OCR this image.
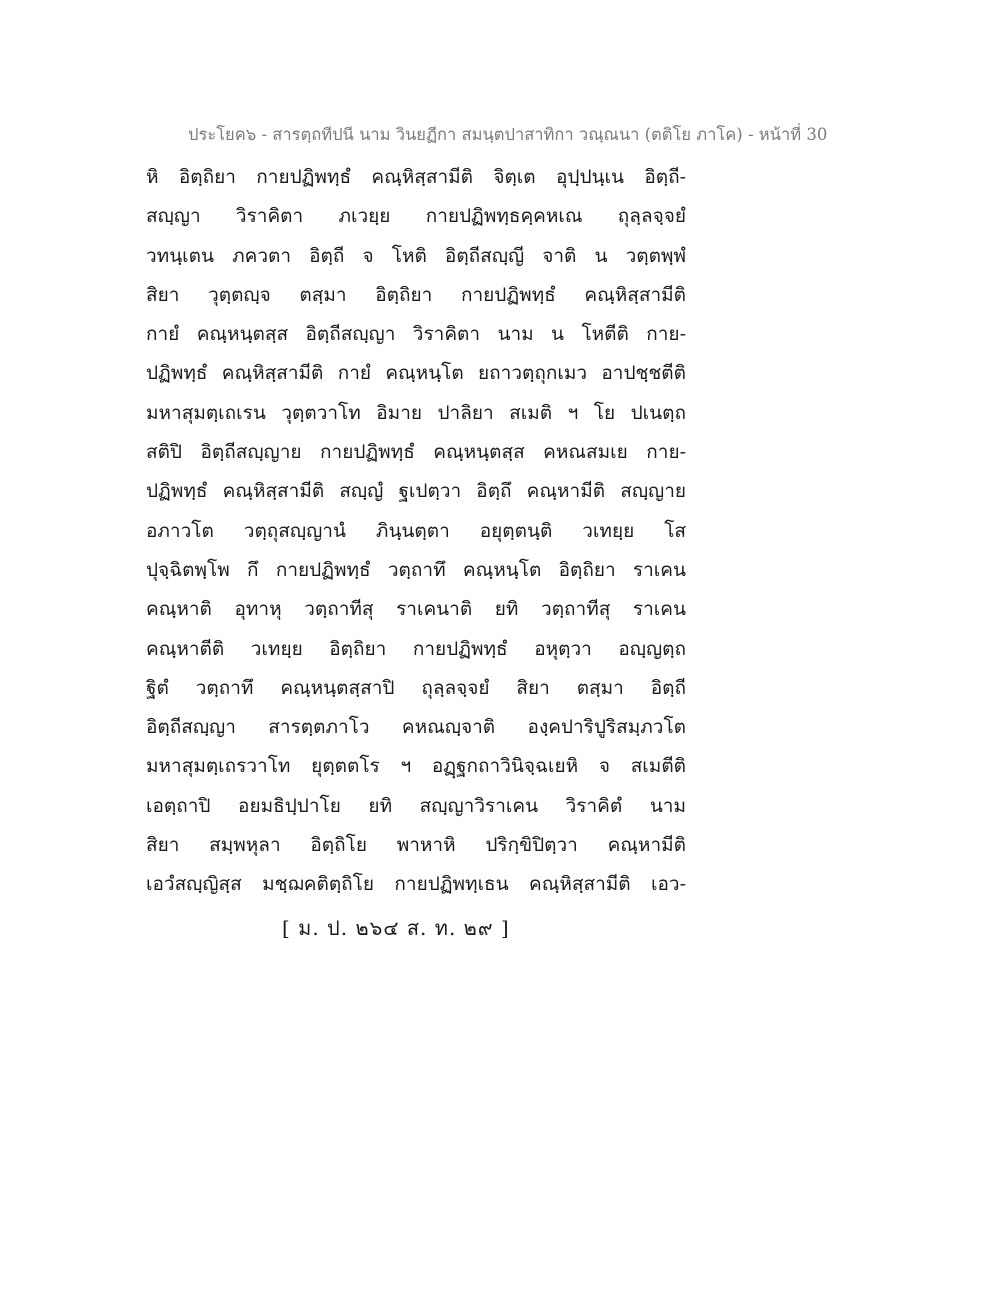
ประโยค๖ - สารตฺถทีปนี นาม วินยฏีกา สมนฺตปาสาทิกา วณฺณนา (ตติโย ภาโค) - หน้าที่ 30
หิ อิตฺถิยา กายปฏิพทฺธํ คณฺหิสฺสามีติ จิตฺเต อุปฺปนฺเน อิตฺถี-
สญฺญา วิราคิตา ภเวยฺย กายปฏิพทฺธคฺคหเณ ถุลฺลจฺจยํ
วทนฺเตน ภควตา อิตฺถี จ โหติ อิตฺถีสญฺญี จาติ น วตฺตพฺพํ
สิยา วุตฺตญฺจ ตสฺมา อิตฺถิยา กายปฏิพทฺธํ คณฺหิสฺสามีติ
กายํ คณฺหนฺตสฺส อิตฺถีสญฺญา วิราคิตา นาม น โหตีติ กาย-
ปฏิพทฺธํ คณฺหิสฺสามีติ กายํ คณฺหนฺโต ยถาวตฺถุกเมว อาปชฺชตีติ
มหาสุมตฺเถเรน วุตฺตวาโท อิมาย ปาลิยา สเมติ ฯ โย ปเนตฺถ
สติปิ อิตฺถีสญฺญาย กายปฏิพทฺธํ คณฺหนฺตสฺส คหณสมเย กาย-
ปฏิพทฺธํ คณฺหิสฺสามีติ สญฺญํ ฐเปตฺวา อิตฺถึ คณฺหามีติ สญฺญาย
อภาวโต วตฺถุสญฺญานํ ภินฺนตฺตา อยุตฺตนฺติ วเทยฺย โส
ปุจฺฉิตพฺโพ กึ กายปฏิพทฺธํ วตฺถาทึ คณฺหนฺโต อิตฺถิยา ราเคน
คณฺหาติ อุทาหุ วตฺถาทีสุ ราเคนาติ ยทิ วตฺถาทีสุ ราเคน
คณฺหาตีติ วเทยฺย อิตฺถิยา กายปฏิพทฺธํ อหุตฺวา อญฺญตฺถ
ฐิตํ วตฺถาทึ คณฺหนฺตสฺสาปิ ถุลฺลจฺจยํ สิยา ตสฺมา อิตฺถี
อิตฺถีสญฺญา สารตฺตภาโว คหณญฺจาติ องฺคปาริปูริสมฺภวโต
มหาสุมตฺเถรวาโท ยุตฺตตโร ฯ อฏฺฐกถาวินิจฺฉเยหิ จ สเมตีติ
เอตฺถาปิ อยมธิปฺปาโย ยทิ สญฺญาวิราเคน วิราคิตํ นาม
สิยา สมฺพหุลา อิตฺถิโย พาหาหิ ปริกฺขิปิตฺวา คณฺหามีติ
เอวํสญฺญิสฺส มชฺฌคติตฺถิโย กายปฏิพทฺเธน คณฺหิสฺสามีติ เอว-
[ ม. ป. ๒๖๔ ส. ท. ๒๙ ]
